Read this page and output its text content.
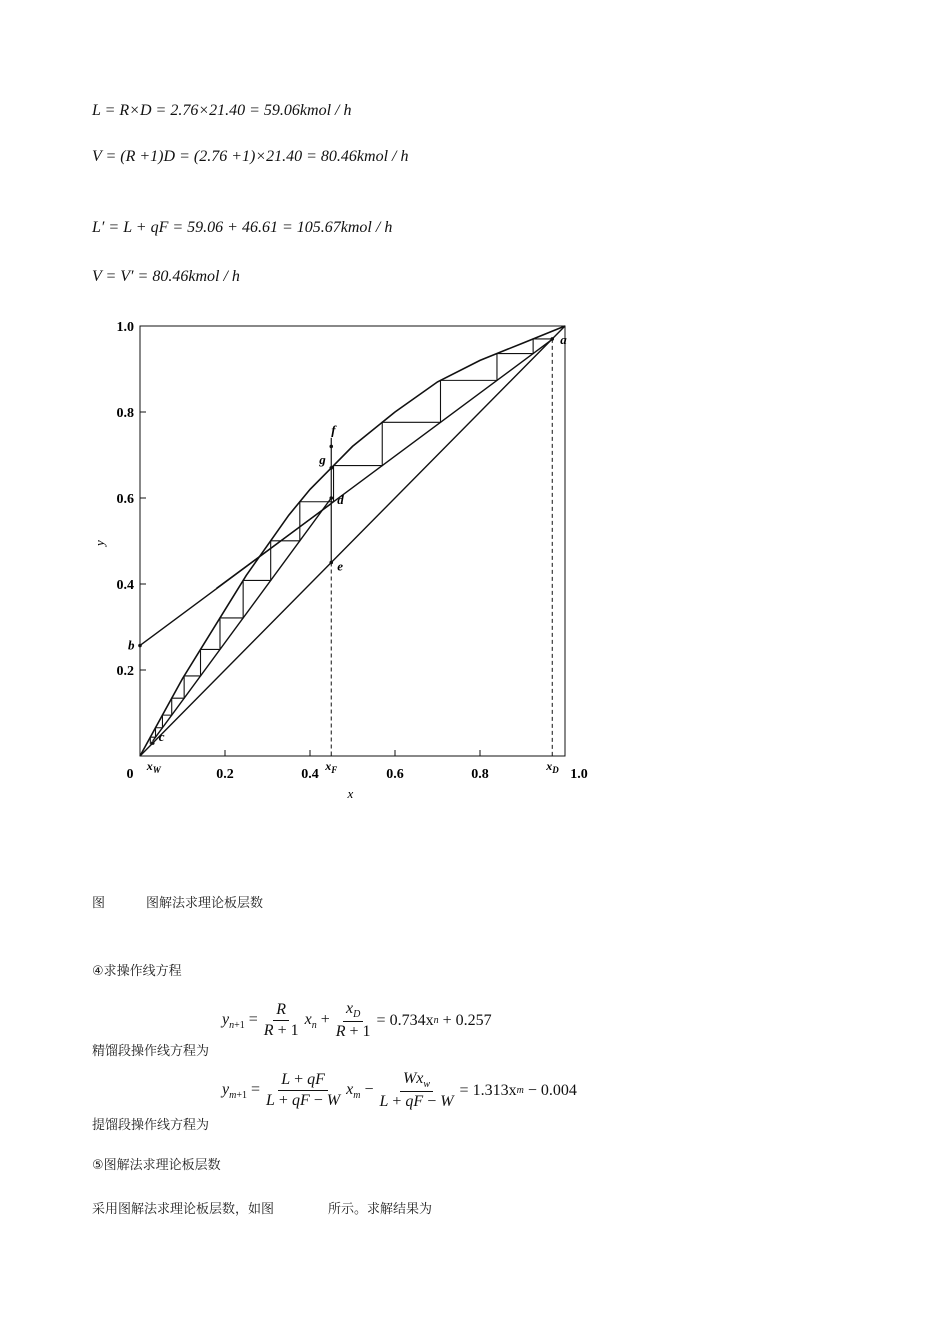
L = R×D = 2.76×21.40 = 59.06kmol / h
V = (R +1)D = (2.76 +1)×21.40 = 80.46kmol / h
L′ = L + qF = 59.06 + 46.61 = 105.67kmol / h
V = V′ = 80.46kmol / h
1.0
0.8
0.6
0.4
0.2
0	0.2	0.4	0.6	0.8	1.0
y
x
a
b
c
d
e
f
g
$x_W$	$x_F$	$x_D$
图	图解法求理论板层数
④求操作线方程
$y_{n+1} = \frac{R}{R + 1} x_n + \frac{x_D}{R + 1} = 0.734x$ n + 0.257
精馏段操作线方程为
$y_{m+1} = \frac{L + qF}{L + qF - W} x_m - \frac{Wx_w}{L + qF - W} = 1.313x$ m − 0.004
提馏段操作线方程为
⑤图解法求理论板层数
采用图解法求理论板层数，如图	所示。求解结果为
